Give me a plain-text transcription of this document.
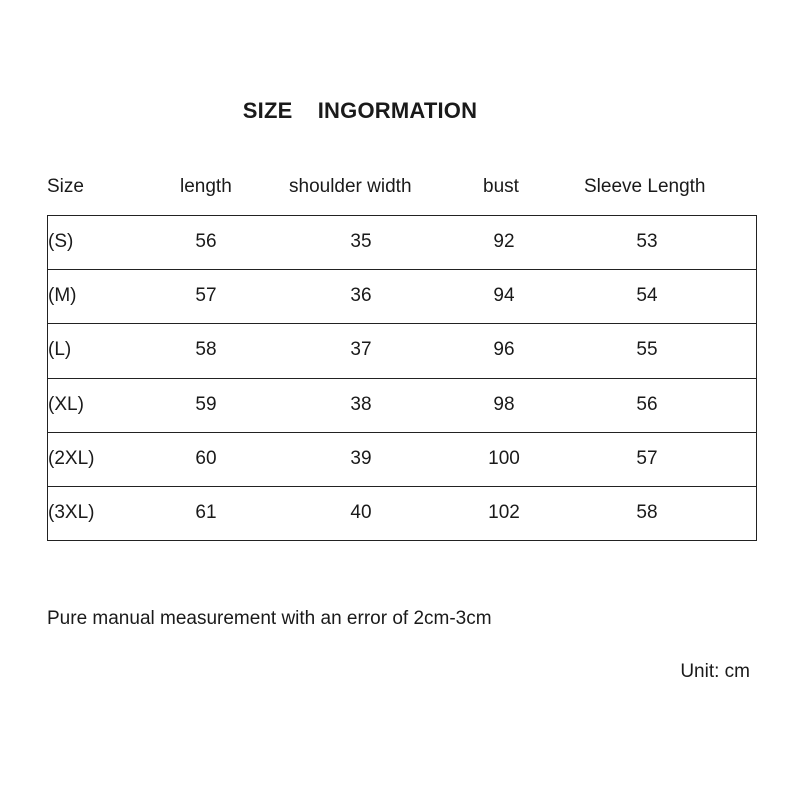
SIZE    INGORMATION
Size	length	shoulder width	bust	Sleeve Length
(S)	56	35	92	53
(M)	57	36	94	54
(L)	58	37	96	55
(XL)	59	38	98	56
(2XL)	60	39	100	57
(3XL)	61	40	102	58
Pure manual measurement with an error of 2cm-3cm
Unit: cm
